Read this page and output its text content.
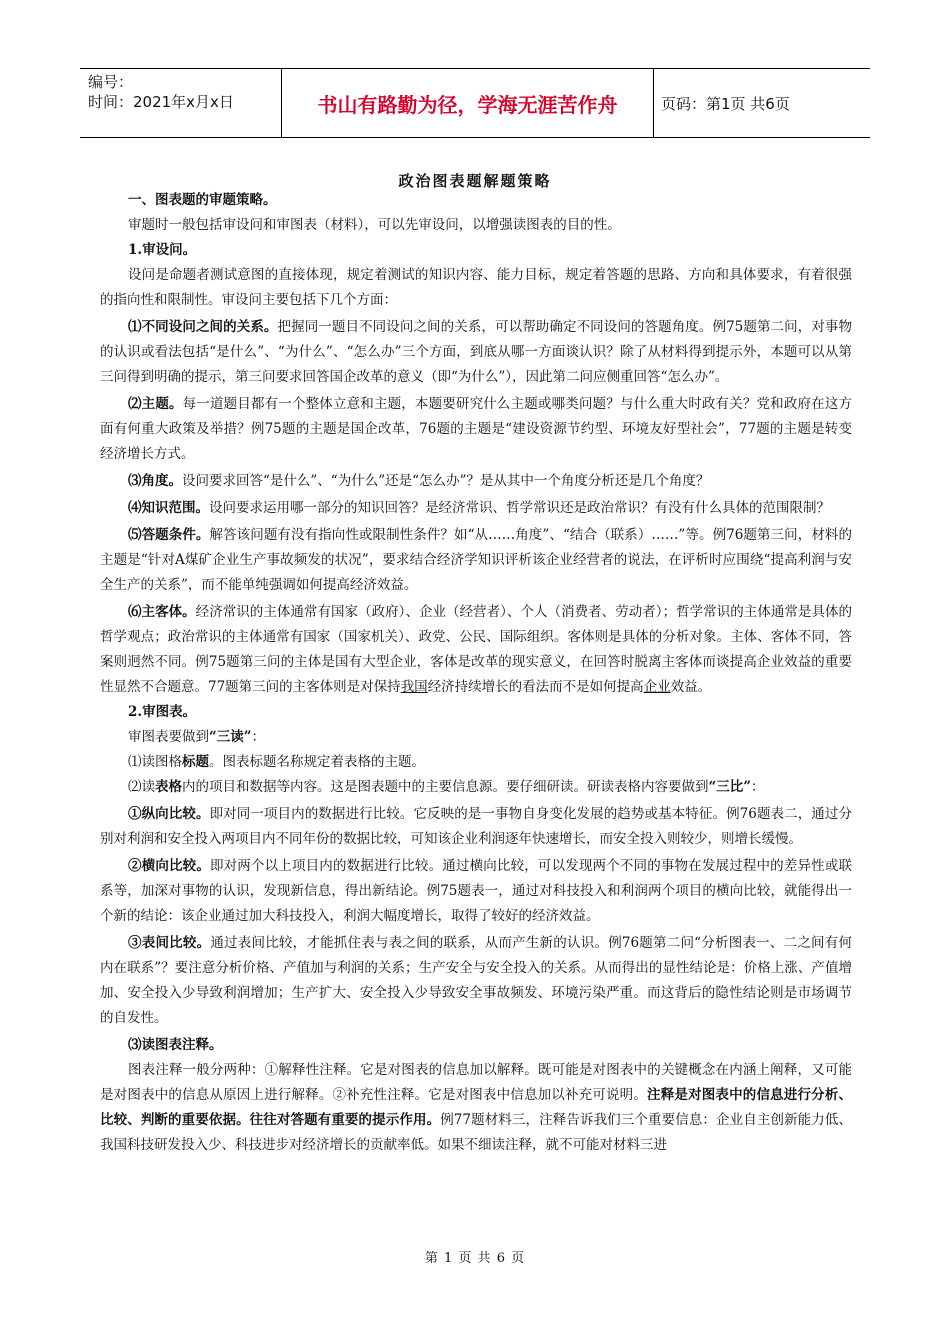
编号：
时间：2021年x月x日	书山有路勤为径，学海无涯苦作舟	页码：第1页 共6页
政治图表题解题策略

一、图表题的审题策略。

审题时一般包括审设问和审图表（材料），可以先审设问，以增强读图表的目的性。

1.审设问。

设问是命题者测试意图的直接体现，规定着测试的知识内容、能力目标，规定着答题的思路、方向和具体要求，有着很强的指向性和限制性。审设问主要包括下几个方面：

⑴不同设问之间的关系。把握同一题目不同设问之间的关系，可以帮助确定不同设问的答题角度。例75题第二问，对事物的认识或看法包括“是什么”、“为什么”、“怎么办”三个方面，到底从哪一方面谈认识？除了从材料得到提示外，本题可以从第三问得到明确的提示，第三问要求回答国企改革的意义（即“为什么”），因此第二问应侧重回答“怎么办”。

⑵主题。每一道题目都有一个整体立意和主题，本题要研究什么主题或哪类问题？与什么重大时政有关？党和政府在这方面有何重大政策及举措？例75题的主题是国企改革，76题的主题是“建设资源节约型、环境友好型社会”，77题的主题是转变经济增长方式。

⑶角度。设问要求回答“是什么”、“为什么”还是“怎么办”？是从其中一个角度分析还是几个角度？

⑷知识范围。设问要求运用哪一部分的知识回答？是经济常识、哲学常识还是政治常识？有没有什么具体的范围限制？

⑸答题条件。解答该问题有没有指向性或限制性条件？如“从……角度”、“结合（联系）……”等。例76题第三问，材料的主题是“针对A煤矿企业生产事故频发的状况”，要求结合经济学知识评析该企业经营者的说法，在评析时应围绕“提高利润与安全生产的关系”，而不能单纯强调如何提高经济效益。

⑹主客体。经济常识的主体通常有国家（政府）、企业（经营者）、个人（消费者、劳动者）；哲学常识的主体通常是具体的哲学观点；政治常识的主体通常有国家（国家机关）、政党、公民、国际组织。客体则是具体的分析对象。主体、客体不同，答案则迥然不同。例75题第三问的主体是国有大型企业，客体是改革的现实意义，在回答时脱离主客体而谈提高企业效益的重要性显然不合题意。77题第三问的主客体则是对保持我国经济持续增长的看法而不是如何提高企业效益。

2.审图表。

审图表要做到“三读”：

⑴读图格标题。图表标题名称规定着表格的主题。

⑵读表格内的项目和数据等内容。这是图表题中的主要信息源。要仔细研读。研读表格内容要做到“三比”：

①纵向比较。即对同一项目内的数据进行比较。它反映的是一事物自身变化发展的趋势或基本特征。例76题表二，通过分别对利润和安全投入两项目内不同年份的数据比较，可知该企业利润逐年快速增长，而安全投入则较少，则增长缓慢。

②横向比较。即对两个以上项目内的数据进行比较。通过横向比较，可以发现两个不同的事物在发展过程中的差异性或联系等，加深对事物的认识，发现新信息，得出新结论。例75题表一，通过对科技投入和利润两个项目的横向比较，就能得出一个新的结论：该企业通过加大科技投入，利润大幅度增长，取得了较好的经济效益。

③表间比较。通过表间比较，才能抓住表与表之间的联系，从而产生新的认识。例76题第二问“分析图表一、二之间有何内在联系”？要注意分析价格、产值加与利润的关系；生产安全与安全投入的关系。从而得出的显性结论是：价格上涨、产值增加、安全投入少导致利润增加；生产扩大、安全投入少导致安全事故频发、环境污染严重。而这背后的隐性结论则是市场调节的自发性。

⑶读图表注释。

图表注释一般分两种：①解释性注释。它是对图表的信息加以解释。既可能是对图表中的关键概念在内涵上阐释，又可能是对图表中的信息从原因上进行解释。②补充性注释。它是对图表中信息加以补充可说明。注释是对图表中的信息进行分析、比较、判断的重要依据。往往对答题有重要的提示作用。例77题材料三，注释告诉我们三个重要信息：企业自主创新能力低、我国科技研发投入少、科技进步对经济增长的贡献率低。如果不细读注释，就不可能对材料三进

第 1 页 共 6 页
